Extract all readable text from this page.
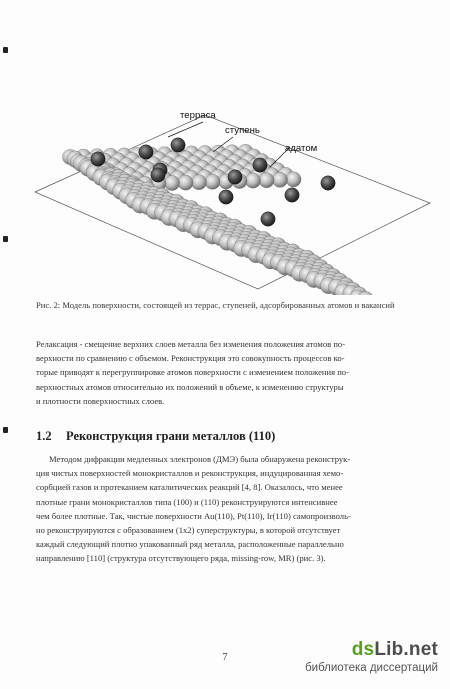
терраса
ступень
адатом
Рис. 2: Модель поверхности, состоящей из террас, ступеней, адсорбированных атомов и вакансий
Релаксация - смещение верхних слоев металла без изменения положения атомов по-
верхности по сравнению с объемом. Реконструкция это совокупность процессов ко-
торые приводят к перегруппировке атомов поверхности с изменением положения по-
верхностных атомов относительно их положений в объеме, к изменению структуры
и плотности поверхностных слоев.
1.2 Реконструкция грани металлов (110)
Методом дифракции медленных электронов (ДМЭ) была обнаружена реконструк-
ция чистых поверхностей монокристаллов и реконструкция, индуцированная хемо-
сорбцией газов и протеканием каталитических реакций [4, 8]. Оказалось, что менее
плотные грани монокристаллов типа (100) и (110) реконструируются интенсивнее
чем более плотные. Так, чистые поверхности Au(110), Pt(110), Ir(110) самопроизволь-
но реконструируются с образованием (1х2) суперструктуры, в которой отсутствует
каждый следующий плотно упакованный ряд металла, расположенные параллельно
направлению [110] (структура отсутствующего ряда, missing-row, MR) (рис. 3).
7	dsLib.net
библиотека диссертаций
